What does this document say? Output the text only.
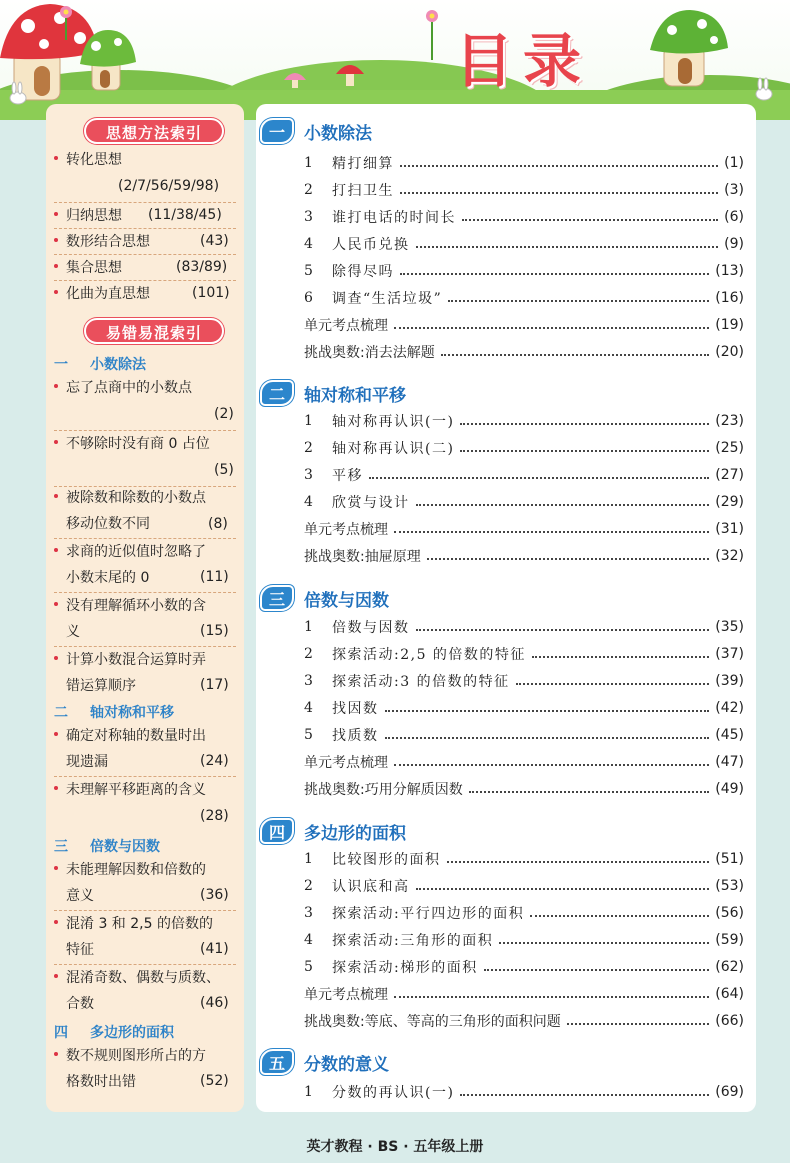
目录
思想方法索引
转化思想
(2/7/56/59/98)
归纳思想 (11/38/45)
数形结合思想	(43)
集合思想	(83/89)
化曲为直思想	(101)
易错易混索引
一 小数除法
忘了点商中的小数点
(2)
不够除时没有商 0 占位
(5)
被除数和除数的小数点
移动位数不同	(8)
求商的近似值时忽略了
小数末尾的 0	(11)
没有理解循环小数的含
义	(15)
计算小数混合运算时弄
错运算顺序	(17)
二 轴对称和平移
确定对称轴的数量时出
现遗漏	(24)
未理解平移距离的含义
(28)
三 倍数与因数
未能理解因数和倍数的
意义	(36)
混淆 3 和 2,5 的倍数的
特征	(41)
混淆奇数、偶数与质数、
合数	(46)
四 多边形的面积
数不规则图形所占的方
格数时出错	(52)
一	小数除法
1	精打细算	(1)
2	打扫卫生	(3)
3	谁打电话的时间长	(6)
4	人民币兑换	(9)
5	除得尽吗	(13)
6	调查“生活垃圾”	(16)
单元考点梳理	(19)
挑战奥数:消去法解题	(20)
二	轴对称和平移
1	轴对称再认识(一)	(23)
2	轴对称再认识(二)	(25)
3	平移	(27)
4	欣赏与设计	(29)
单元考点梳理	(31)
挑战奥数:抽屉原理	(32)
三	倍数与因数
1	倍数与因数	(35)
2	探索活动:2,5 的倍数的特征	(37)
3	探索活动:3 的倍数的特征	(39)
4	找因数	(42)
5	找质数	(45)
单元考点梳理	(47)
挑战奥数:巧用分解质因数	(49)
四	多边形的面积
1	比较图形的面积	(51)
2	认识底和高	(53)
3	探索活动:平行四边形的面积	(56)
4	探索活动:三角形的面积	(59)
5	探索活动:梯形的面积	(62)
单元考点梳理	(64)
挑战奥数:等底、等高的三角形的面积问题	(66)
五	分数的意义
1	分数的再认识(一)	(69)
英才教程 · BS · 五年级上册
